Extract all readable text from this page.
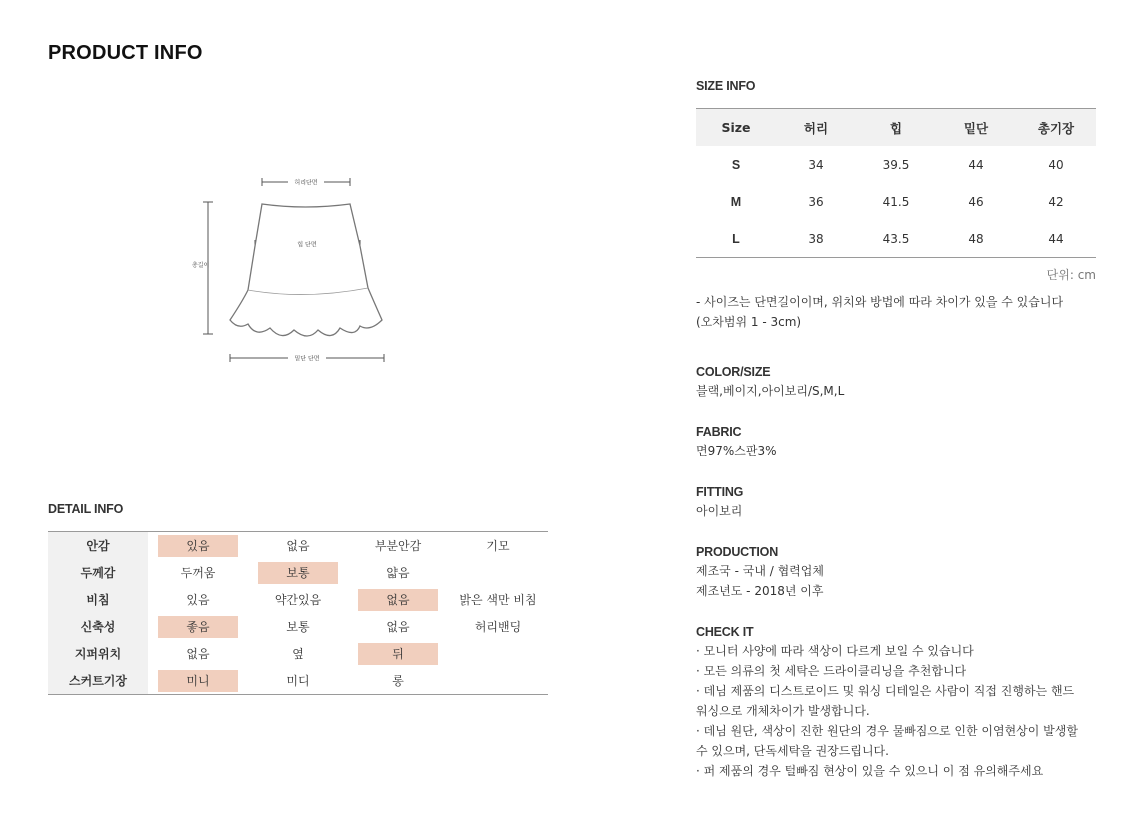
PRODUCT INFO
허리단면
힙 단면
총길이
밑단 단면
DETAIL INFO
안감	있음	없음	부분안감	기모
두께감	두꺼움	보통	얇음	
비침	있음	약간있음	없음	밝은 색만 비침
신축성	좋음	보통	없음	허리밴딩
지퍼위치	없음	옆	뒤	
스커트기장	미니	미디	롱	
SIZE INFO
Size	허리	힙	밑단	총기장
S	34	39.5	44	40
M	36	41.5	46	42
L	38	43.5	48	44
단위: cm

- 사이즈는 단면길이이며, 위치와 방법에 따라 차이가 있을 수 있습니다

(오차범위 1 - 3cm)

COLOR/SIZE
블랙,베이지,아이보리/S,M,L
FABRIC
면97%스판3%
FITTING
아이보리
PRODUCTION
제조국 - 국내 / 협력업체
제조년도 - 2018년 이후
CHECK IT

· 모니터 사양에 따라 색상이 다르게 보일 수 있습니다

· 모든 의류의 첫 세탁은 드라이클리닝을 추천합니다

· 데님 제품의 디스트로이드 및 워싱 디테일은 사람이 직접 진행하는 핸드

워싱으로 개체차이가 발생합니다.

· 데님 원단, 색상이 진한 원단의 경우 물빠짐으로 인한 이염현상이 발생할

수 있으며, 단독세탁을 권장드립니다.

· 퍼 제품의 경우 털빠짐 현상이 있을 수 있으니 이 점 유의해주세요
